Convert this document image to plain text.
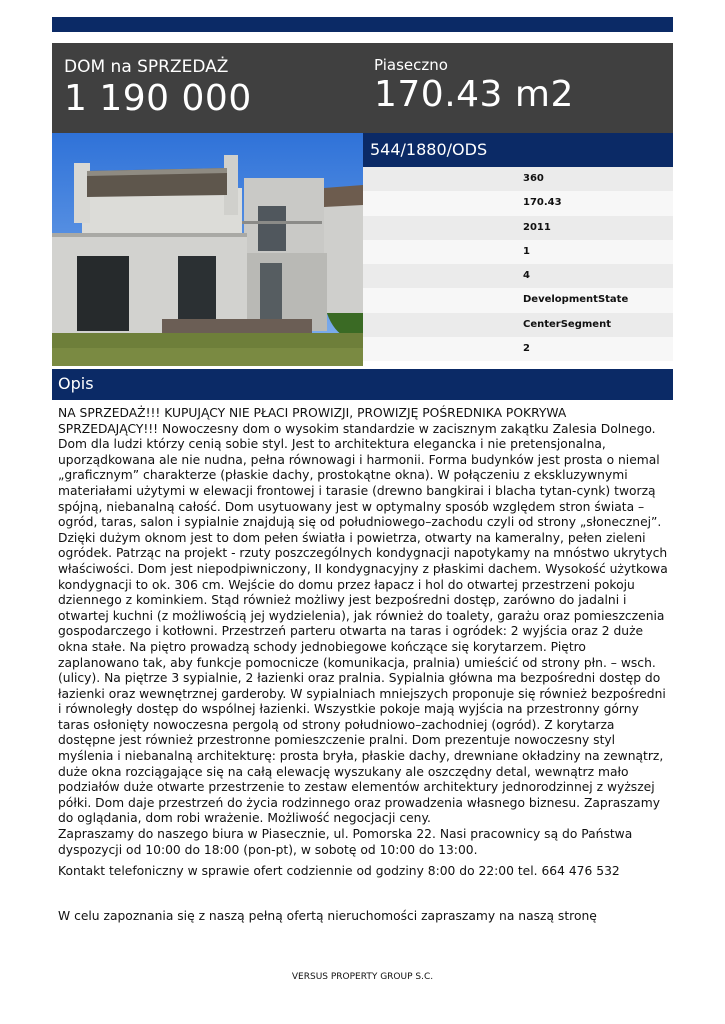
DOM na SPRZEDAŻ
1 190 000
Piaseczno
170.43 m2
544/1880/ODS
360
170.43
2011
1
4
DevelopmentState
CenterSegment
2
Opis

NA SPRZEDAŻ!!! KUPUJĄCY NIE PŁACI PROWIZJI, PROWIZJĘ POŚREDNIKA POKRYWA SPRZEDAJĄCY!!! Nowoczesny dom o wysokim standardzie w zacisznym zakątku Zalesia Dolnego. Dom dla ludzi którzy cenią sobie styl. Jest to architektura elegancka i nie pretensjonalna, uporządkowana ale nie nudna, pełna równowagi i harmonii. Forma budynków jest prosta o niemal „graficznym” charakterze (płaskie dachy, prostokątne okna). W połączeniu z ekskluzywnymi materiałami użytymi w elewacji frontowej i tarasie (drewno bangkirai i blacha tytan-cynk) tworzą spójną, niebanalną całość. Dom usytuowany jest w optymalny sposób względem stron świata – ogród, taras, salon i sypialnie znajdują się od południowego–zachodu czyli od strony „słonecznej”. Dzięki dużym oknom jest to dom pełen światła i powietrza, otwarty na kameralny, pełen zieleni ogródek. Patrząc na projekt - rzuty poszczególnych kondygnacji napotykamy na mnóstwo ukrytych właściwości. Dom jest niepodpiwniczony, II kondygnacyjny z płaskimi dachem. Wysokość użytkowa kondygnacji to ok. 306 cm. Wejście do domu przez łapacz i hol do otwartej przestrzeni pokoju dziennego z kominkiem. Stąd również możliwy jest bezpośredni dostęp, zarówno do jadalni i otwartej kuchni (z możliwością jej wydzielenia), jak również do toalety, garażu oraz pomieszczenia gospodarczego i kotłowni. Przestrzeń parteru otwarta na taras i ogródek: 2 wyjścia oraz 2 duże okna stałe. Na piętro prowadzą schody jednobiegowe kończące się korytarzem. Piętro zaplanowano tak, aby funkcje pomocnicze (komunikacja, pralnia) umieścić od strony płn. – wsch. (ulicy). Na piętrze 3 sypialnie, 2 łazienki oraz pralnia. Sypialnia główna ma bezpośredni dostęp do łazienki oraz wewnętrznej garderoby. W sypialniach mniejszych proponuje się również bezpośredni i równoległy dostęp do wspólnej łazienki. Wszystkie pokoje mają wyjścia na przestronny górny taras osłonięty nowoczesna pergolą od strony południowo–zachodniej (ogród). Z korytarza dostępne jest również przestronne pomieszczenie pralni. Dom prezentuje nowoczesny styl myślenia i niebanalną architekturę: prosta bryła, płaskie dachy, drewniane okładziny na zewnątrz, duże okna rozciągające się na całą elewację wyszukany ale oszczędny detal, wewnątrz mało podziałów duże otwarte przestrzenie to zestaw elementów architektury jednorodzinnej z wyższej półki. Dom daje przestrzeń do życia rodzinnego oraz prowadzenia własnego biznesu. Zapraszamy do oglądania, dom robi wrażenie. Możliwość negocjacji ceny.

Zapraszamy do naszego biura w Piasecznie, ul. Pomorska 22. Nasi pracownicy są do Państwa dyspozycji od 10:00 do 18:00 (pon-pt), w sobotę od 10:00 do 13:00.

Kontakt telefoniczny w sprawie ofert codziennie od godziny 8:00 do 22:00 tel. 664 476 532
W celu zapoznania się z naszą pełną ofertą nieruchomości zapraszamy na naszą stronę
VERSUS PROPERTY GROUP S.C.
